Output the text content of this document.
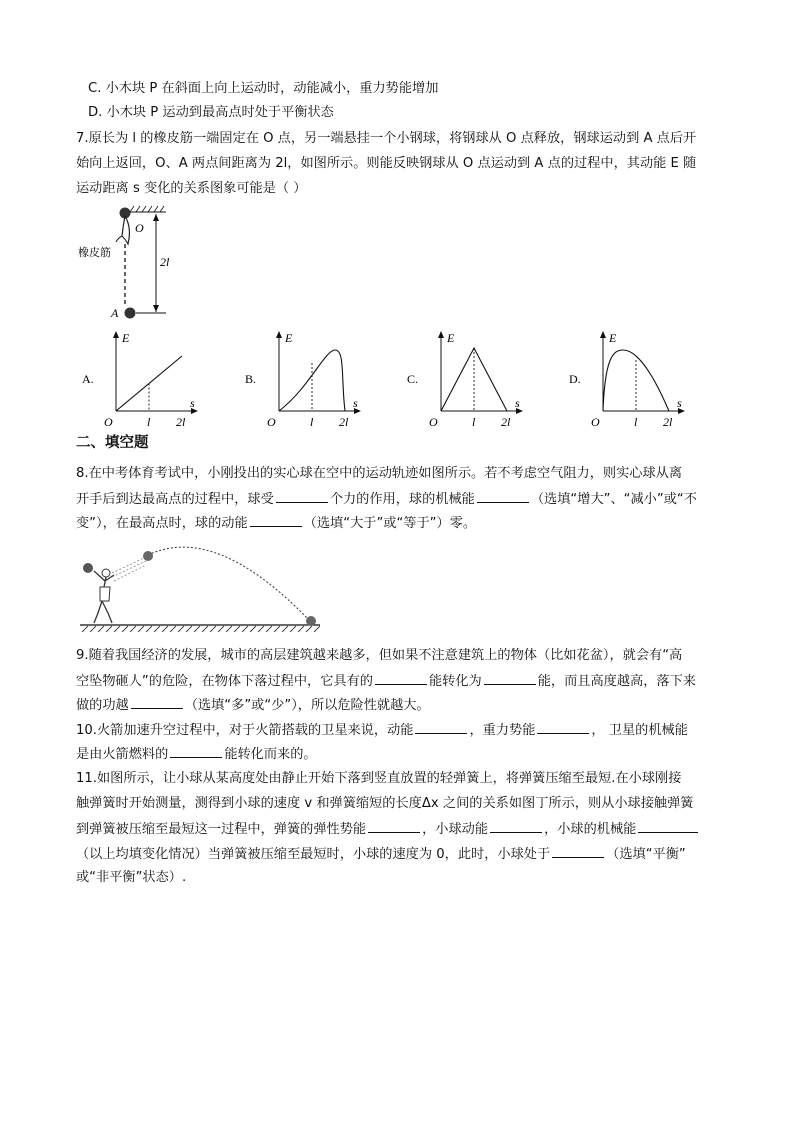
C. 小木块 P 在斜面上向上运动时，动能减小，重力势能增加
D. 小木块 P 运动到最高点时处于平衡状态
7.原长为 l 的橡皮筋一端固定在 O 点，另一端悬挂一个小钢球，将钢球从 O 点释放，钢球运动到 A 点后开
始向上返回，O、A 两点间距离为 2l，如图所示。则能反映钢球从 O 点运动到 A 点的过程中，其动能 E 随
运动距离 s 变化的关系图象可能是（ ）
O
A
2l
橡皮筋
A.
E
s
O	l 2l
B.
E
s
O	l 2l
C.
E
s
O	l 2l
D.
E
s
O	l 2l
二、填空题
8.在中考体育考试中，小刚投出的实心球在空中的运动轨迹如图所示。若不考虑空气阻力，则实心球从离
开手后到达最高点的过程中，球受	个力的作用，球的机械能	（选填“增大”、“减小”或“不
变”），在最高点时，球的动能	（选填“大于”或“等于”）零。
9.随着我国经济的发展，城市的高层建筑越来越多，但如果不注意建筑上的物体（比如花盆），就会有“高
空坠物砸人”的危险，在物体下落过程中，它具有的	能转化为	能，而且高度越高，落下来
做的功越	（选填“多”或“少”），所以危险性就越大。
10.火箭加速升空过程中，对于火箭搭载的卫星来说，动能	，重力势能	， 卫星的机械能
是由火箭燃料的	能转化而来的。
11.如图所示，让小球从某高度处由静止开始下落到竖直放置的轻弹簧上，将弹簧压缩至最短.在小球刚接
触弹簧时开始测量，测得到小球的速度 v 和弹簧缩短的长度Δx 之间的关系如图丁所示，则从小球接触弹簧
到弹簧被压缩至最短这一过程中，弹簧的弹性势能	，小球动能	，小球的机械能
（以上均填变化情况）当弹簧被压缩至最短时，小球的速度为 0，此时，小球处于	（选填“平衡”
或“非平衡”状态）.
